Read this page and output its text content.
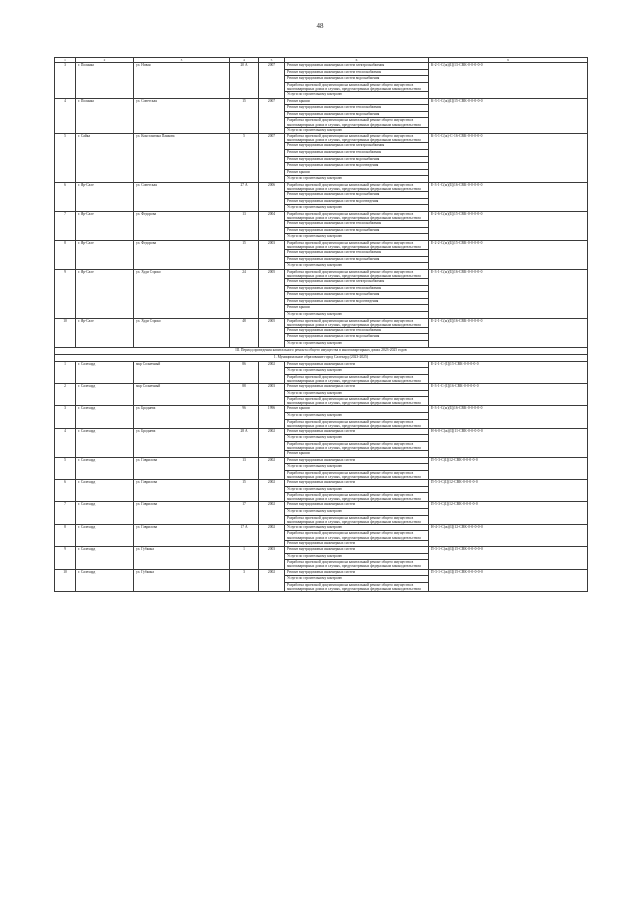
48
1	2	3	4	5	6	9
3	г. Полянка	ул. Новая	20 А	2007	Ремонт внутридомовых инженерных систем электроснабжения	К-2-1-С(ж)(Ц)13-СВК-0-0-0-0-0
					Ремонт внутридомовых инженерных систем теплоснабжения	
					Ремонт внутридомовых инженерных систем водоснабжения	
					Разработка проектной документации на капитальный ремонт общего имущества в многоквартирных домах в случаях, предусмотренных федеральным законодательством	
					Услуги по строительному контролю	
4	г. Полянка	ул. Советская	15	2007	Ремонт крыши	К-3-1-С(ж)(Ц)15-СВК-0-0-0-0-0
					Ремонт внутридомовых инженерных систем теплоснабжения	
					Ремонт внутридомовых инженерных систем водоснабжения	
					Разработка проектной документации на капитальный ремонт общего имущества в многоквартирных домах в случаях, предусмотренных федеральным законодательством	
					Услуги по строительному контролю	
5	г. Сайка	ул. Константина Панкова	5	2007	Разработка проектной документации на капитальный ремонт общего имущества в многоквартирных домах в случаях, предусмотренных федеральным законодательством	К-3-1-С(ж)-С-16-СВК-0-0-0-0-0
					Ремонт внутридомовых инженерных систем электроснабжения	
					Ремонт внутридомовых инженерных систем теплоснабжения	
					Ремонт внутридомовых инженерных систем водоснабжения	
					Ремонт внутридомовых инженерных систем водоотведения	
					Ремонт крыши	
					Услуги по строительному контролю	
6	г. Яр-Сале	ул. Советская	27 А	2006	Разработка проектной документации на капитальный ремонт общего имущества в многоквартирных домах в случаях, предусмотренных федеральным законодательством	Е-3-1-С(ж)(Ц)16-СВК-0-0-0-0-0
					Ремонт внутридомовых инженерных систем водоснабжения	
					Ремонт внутридомовых инженерных систем водоотведения	
					Услуги по строительному контролю	
7	г. Яр-Сале	ул. Федорова	13	2004	Разработка проектной документации на капитальный ремонт общего имущества в многоквартирных домах в случаях, предусмотренных федеральным законодательством	Е-2-6-С(ж)(Ц)15-СВК-0-0-0-0-0
					Ремонт внутридомовых инженерных систем теплоснабжения	
					Ремонт внутридомовых инженерных систем водоснабжения	
					Услуги по строительному контролю	
8	г. Яр-Сале	ул. Федорова	15	2003	Разработка проектной документации на капитальный ремонт общего имущества в многоквартирных домах в случаях, предусмотренных федеральным законодательством	Е-2-2-С(ж)(Ц)15-СВК-0-0-0-0-0
					Ремонт внутридомовых инженерных систем теплоснабжения	
					Ремонт внутридомовых инженерных систем водоснабжения	
					Услуги по строительному контролю	
9	г. Яр-Сале	ул. Худи Сэроко	24	2005	Разработка проектной документации на капитальный ремонт общего имущества в многоквартирных домах в случаях, предусмотренных федеральным законодательством	Е-3-1-С(ж)(Ц)16-СВК-0-0-0-0-0
					Ремонт внутридомовых инженерных систем электроснабжения	
					Ремонт внутридомовых инженерных систем теплоснабжения	
					Ремонт внутридомовых инженерных систем водоснабжения	
					Ремонт внутридомовых инженерных систем водоотведения	
					Ремонт крыши	
					Услуги по строительному контролю	
10	г. Яр-Сале	ул. Худи Сэроко	48	2005	Разработка проектной документации на капитальный ремонт общего имущества в многоквартирных домах в случаях, предусмотренных федеральным законодательством	Е-2-1-С(ж)(Ц)16-СВК-0-0-0-0-0
					Ремонт внутридомовых инженерных систем теплоснабжения	
					Ремонт внутридомовых инженерных систем водоснабжения	
					Услуги по строительному контролю	
III. Период проведения капитального ремонта общего имущества в многоквартирных домах 2023-2025 годов						
1. Муниципальное образование город Салехард (2023-2025)						
1	г. Салехард	мкр Солнечный	86	2002	Ремонт внутридомовых инженерных систем	Е-2-1-С-(Ц)15-СВК-0-0-0-0-0
					Услуги по строительному контролю	
					Разработка проектной документации на капитальный ремонт общего имущества в многоквартирных домах в случаях, предусмотренных федеральным законодательством	
2	г. Салехард	мкр Солнечный	88	2003	Ремонт внутридомовых инженерных систем	Е-3-1-С-(Ц)16-СВК-0-0-0-0-0
					Услуги по строительному контролю	
					Разработка проектной документации на капитальный ремонт общего имущества в многоквартирных домах в случаях, предусмотренных федеральным законодательством	
3	г. Салехард	ул. Броднева	96	1996	Ремонт крыши	Е-3-1-С(ж)(Ц)16-СВК-0-0-0-0-0
					Услуги по строительному контролю	
					Разработка проектной документации на капитальный ремонт общего имущества в многоквартирных домах в случаях, предусмотренных федеральным законодательством	
4	г. Салехард	ул. Броднева	28 А	2002	Ремонт внутридомовых инженерных систем	Н-6-0-С(ж)(Ц)11-СВК-0-0-0-0-0
					Услуги по строительному контролю	
					Разработка проектной документации на капитальный ремонт общего имущества в многоквартирных домах в случаях, предусмотренных федеральным законодательством	
					Ремонт крыши	
5	г. Салехард	ул. Гаврилова	13	2002	Ремонт внутридомовых инженерных систем	П-5-3-С(Ц)12-СВК-0-0-0-0-0
					Услуги по строительному контролю	
					Разработка проектной документации на капитальный ремонт общего имущества в многоквартирных домах в случаях, предусмотренных федеральным законодательством	
6	г. Салехард	ул. Гаврилова	15	2002	Ремонт внутридомовых инженерных систем	П-5-3-С(Ц)12-СВК-0-0-0-0-0
					Услуги по строительному контролю	
					Разработка проектной документации на капитальный ремонт общего имущества в многоквартирных домах в случаях, предусмотренных федеральным законодательством	
7	г. Салехард	ул. Гаврилова	17	2002	Ремонт внутридомовых инженерных систем	П-5-3-С(Ц)12-СВК-0-0-0-0-0
					Услуги по строительному контролю	
					Разработка проектной документации на капитальный ремонт общего имущества в многоквартирных домах в случаях, предусмотренных федеральным законодательством	
8	г. Салехард	ул. Гаврилова	17 А	2002	Услуги по строительному контролю	Н-4-1-С(ж)(Ц)12-СВК-0-0-0-0-0
					Разработка проектной документации на капитальный ремонт общего имущества в многоквартирных домах в случаях, предусмотренных федеральным законодательством	
					Ремонт внутридомовых инженерных систем	
9	г. Салехард	ул. Губкина	1	2003	Ремонт внутридомовых инженерных систем	П-3-1-С(ж)(Ц)15-СВК-0-0-0-0-0
					Услуги по строительному контролю	
					Разработка проектной документации на капитальный ремонт общего имущества в многоквартирных домах в случаях, предусмотренных федеральным законодательством	
10	г. Салехард	ул. Губкина	3	2002	Ремонт внутридомовых инженерных систем	П-3-1-С(ж)(Ц)15-СВК-0-0-0-0-0
					Услуги по строительному контролю	
					Разработка проектной документации на капитальный ремонт общего имущества в многоквартирных домах в случаях, предусмотренных федеральным законодательством	
